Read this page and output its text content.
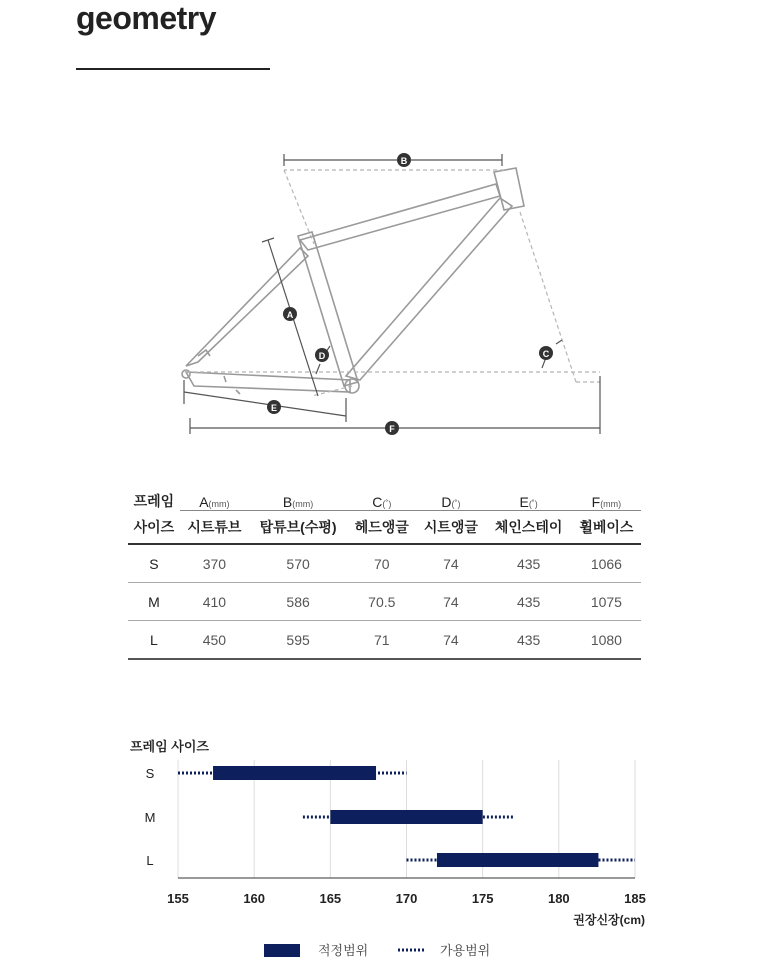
geometry
A
B
C
D
E
F
프레임	A(mm)	B(mm)	C(˚)	D(˚)	E(˚)	F(mm)
사이즈	시트튜브	탑튜브(수평)	헤드앵글	시트앵글	체인스테이	휠베이스
S	370	570	70	74	435	1066
M	410	586	70.5	74	435	1075
L	450	595	71	74	435	1080
프레임 사이즈
155	160	165	170	175	180	185
권장신장(cm)
S
M
L
적정범위	가용범위
